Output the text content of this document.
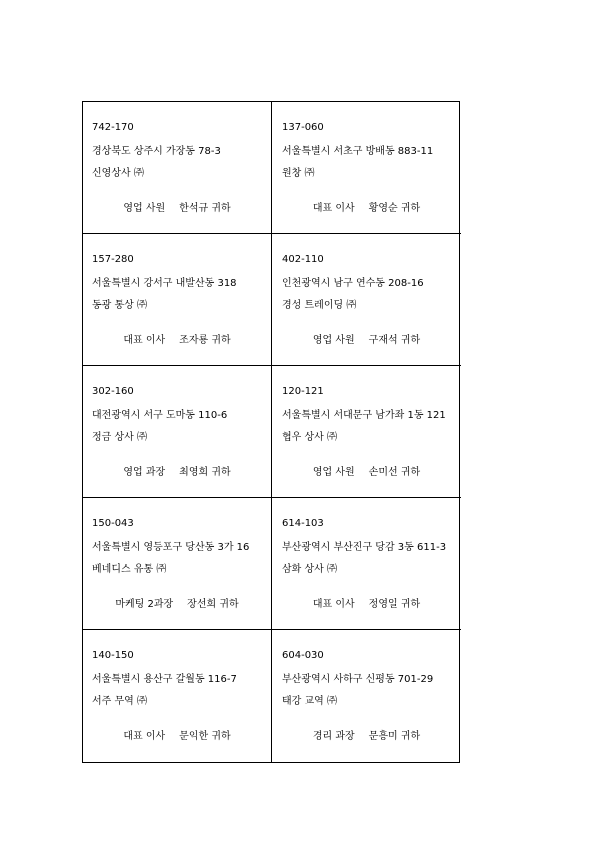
742-170
경상북도 상주시 가장동 78-3
신영상사 ㈜
영업 사원 한석규 귀하
137-060
서울특별시 서초구 방배동 883-11
원창 ㈜
대표 이사 황영순 귀하
157-280
서울특별시 강서구 내발산동 318
동광 통상 ㈜
대표 이사 조자룡 귀하
402-110
인천광역시 남구 연수동 208-16
경성 트레이딩 ㈜
영업 사원 구재석 귀하
302-160
대전광역시 서구 도마동 110-6
정금 상사 ㈜
영업 과장 최영희 귀하
120-121
서울특별시 서대문구 남가좌 1동 121
협우 상사 ㈜
영업 사원 손미선 귀하
150-043
서울특별시 영등포구 당산동 3가 16
베네디스 유통 ㈜
마케팅 2과장 장선희 귀하
614-103
부산광역시 부산진구 당감 3동 611-3
삼화 상사 ㈜
대표 이사 정영일 귀하
140-150
서울특별시 용산구 갈월동 116-7
서주 무역 ㈜
대표 이사 문익한 귀하
604-030
부산광역시 사하구 신평동 701-29
태강 교역 ㈜
경리 과장 문흥미 귀하
